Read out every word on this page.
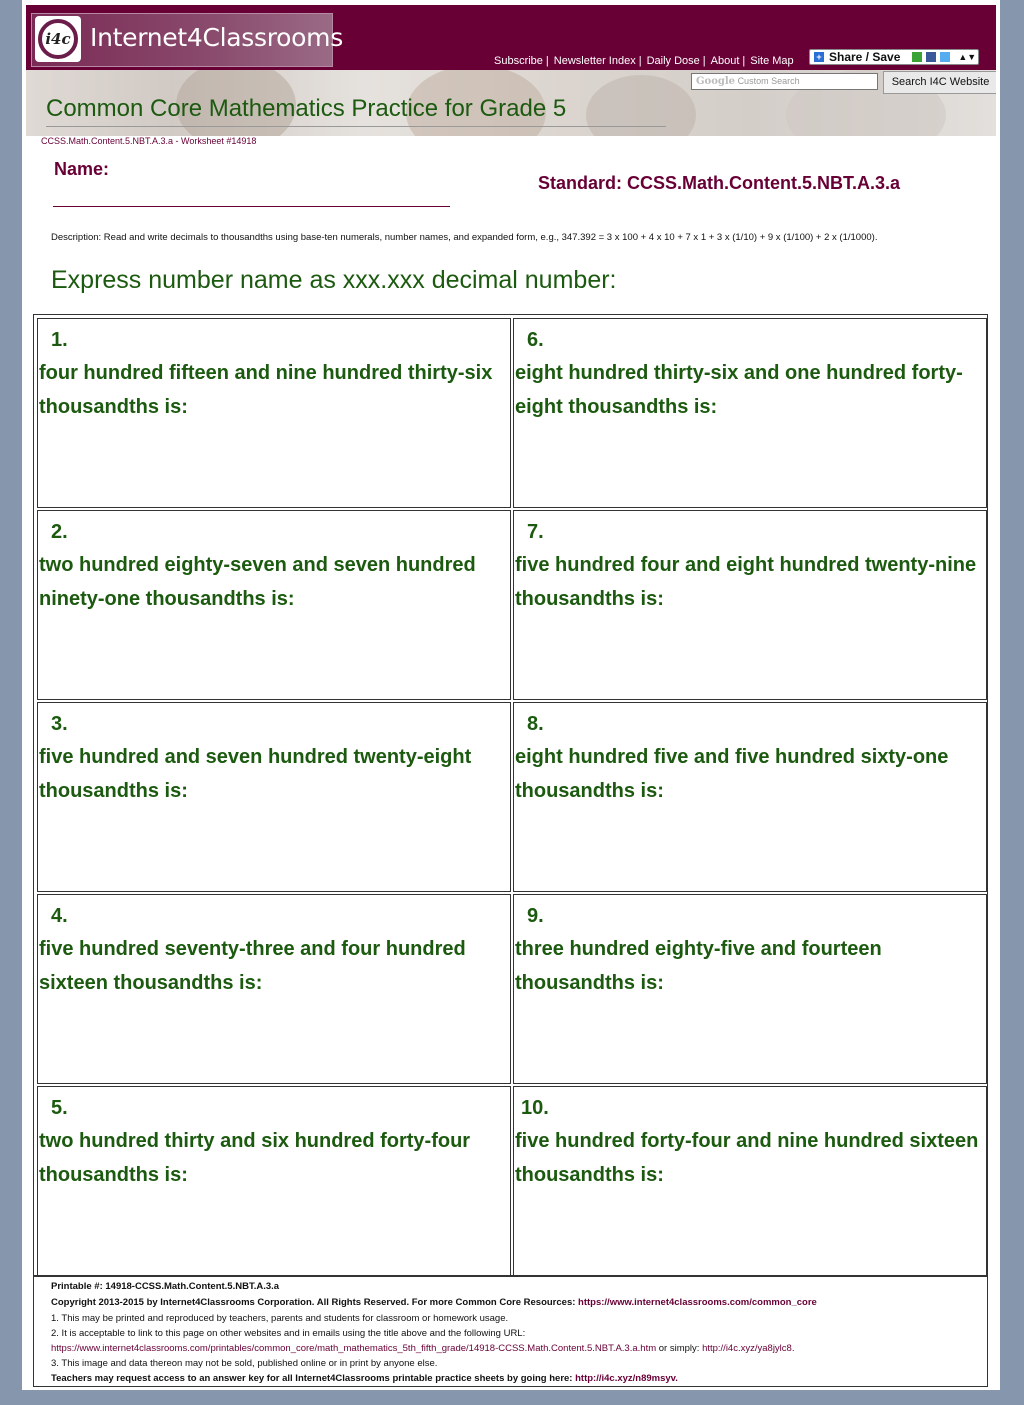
i4c Internet4Classrooms
Subscribe | Newsletter Index | Daily Dose | About | Site Map	+ Share / Save	▲▼
Google Custom Search	Search I4C Website
Common Core Mathematics Practice for Grade 5
CCSS.Math.Content.5.NBT.A.3.a - Worksheet #14918
Name:
Standard: CCSS.Math.Content.5.NBT.A.3.a
Description: Read and write decimals to thousandths using base-ten numerals, number names, and expanded form, e.g., 347.392 = 3 x 100 + 4 x 10 + 7 x 1 + 3 x (1/10) + 9 x (1/100) + 2 x (1/1000).
Express number name as xxx.xxx decimal number:
1.
four hundred fifteen and nine hundred thirty-six thousandths is:
2.
two hundred eighty-seven and seven hundred ninety-one thousandths is:
3.
five hundred and seven hundred twenty-eight thousandths is:
4.
five hundred seventy-three and four hundred sixteen thousandths is:
5.
two hundred thirty and six hundred forty-four thousandths is:
6.
eight hundred thirty-six and one hundred forty-eight thousandths is:
7.
five hundred four and eight hundred twenty-nine thousandths is:
8.
eight hundred five and five hundred sixty-one thousandths is:
9.
three hundred eighty-five and fourteen thousandths is:
10.
five hundred forty-four and nine hundred sixteen thousandths is:
Printable #: 14918-CCSS.Math.Content.5.NBT.A.3.a
Copyright 2013-2015 by Internet4Classrooms Corporation. All Rights Reserved. For more Common Core Resources: https://www.internet4classrooms.com/common_core
1. This may be printed and reproduced by teachers, parents and students for classroom or homework usage.
2. It is acceptable to link to this page on other websites and in emails using the title above and the following URL:
https://www.internet4classrooms.com/printables/common_core/math_mathematics_5th_fifth_grade/14918-CCSS.Math.Content.5.NBT.A.3.a.htm or simply: http://i4c.xyz/ya8jylc8.
3. This image and data thereon may not be sold, published online or in print by anyone else.
Teachers may request access to an answer key for all Internet4Classrooms printable practice sheets by going here: http://i4c.xyz/n89msyv.
